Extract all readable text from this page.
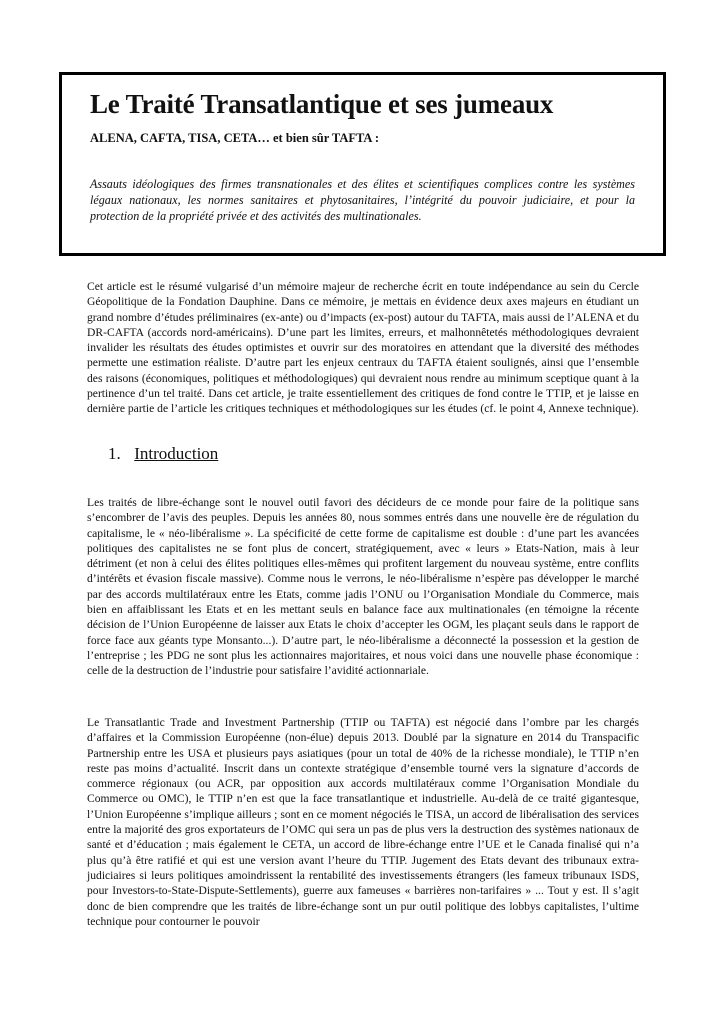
Le Traité Transatlantique et ses jumeaux
ALENA, CAFTA, TISA, CETA… et bien sûr TAFTA :
Assauts idéologiques des firmes transnationales et des élites et scientifiques complices contre les systèmes légaux nationaux, les normes sanitaires et phytosanitaires, l’intégrité du pouvoir judiciaire, et pour la protection de la propriété privée et des activités des multinationales.

Cet article est le résumé vulgarisé d’un mémoire majeur de recherche écrit en toute indépendance au sein du Cercle Géopolitique de la Fondation Dauphine. Dans ce mémoire, je mettais en évidence deux axes majeurs en étudiant un grand nombre d’études préliminaires (ex-ante) ou d’impacts (ex-post) autour du TAFTA, mais aussi de l’ALENA et du DR-CAFTA (accords nord-américains). D’une part les limites, erreurs, et malhonnêtetés méthodologiques devraient invalider les résultats des études optimistes et ouvrir sur des moratoires en attendant que la diversité des méthodes permette une estimation réaliste. D’autre part les enjeux centraux du TAFTA étaient soulignés, ainsi que l’ensemble des raisons (économiques, politiques et méthodologiques) qui devraient nous rendre au minimum sceptique quant à la pertinence d’un tel traité. Dans cet article, je traite essentiellement des critiques de fond contre le TTIP, et je laisse en dernière partie de l’article les critiques techniques et méthodologiques sur les études (cf. le point 4, Annexe technique).

1. Introduction

Les traités de libre-échange sont le nouvel outil favori des décideurs de ce monde pour faire de la politique sans s’encombrer de l’avis des peuples. Depuis les années 80, nous sommes entrés dans une nouvelle ère de régulation du capitalisme, le « néo-libéralisme ». La spécificité de cette forme de capitalisme est double : d’une part les avancées politiques des capitalistes ne se font plus de concert, stratégiquement, avec « leurs » Etats-Nation, mais à leur détriment (et non à celui des élites politiques elles-mêmes qui profitent largement du nouveau système, entre conflits d’intérêts et évasion fiscale massive). Comme nous le verrons, le néo-libéralisme n’espère pas développer le marché par des accords multilatéraux entre les Etats, comme jadis l’ONU ou l’Organisation Mondiale du Commerce, mais bien en affaiblissant les Etats et en les mettant seuls en balance face aux multinationales (en témoigne la récente décision de l’Union Européenne de laisser aux Etats le choix d’accepter les OGM, les plaçant seuls dans le rapport de force face aux géants type Monsanto...). D’autre part, le néo-libéralisme a déconnecté la possession et la gestion de l’entreprise ; les PDG ne sont plus les actionnaires majoritaires, et nous voici dans une nouvelle phase économique : celle de la destruction de l’industrie pour satisfaire l’avidité actionnariale.

Le Transatlantic Trade and Investment Partnership (TTIP ou TAFTA) est négocié dans l’ombre par les chargés d’affaires et la Commission Européenne (non-élue) depuis 2013. Doublé par la signature en 2014 du Transpacific Partnership entre les USA et plusieurs pays asiatiques (pour un total de 40% de la richesse mondiale), le TTIP n’en reste pas moins d’actualité. Inscrit dans un contexte stratégique d’ensemble tourné vers la signature d’accords de commerce régionaux (ou ACR, par opposition aux accords multilatéraux comme l’Organisation Mondiale du Commerce ou OMC), le TTIP n’en est que la face transatlantique et industrielle. Au-delà de ce traité gigantesque, l’Union Européenne s’implique ailleurs ; sont en ce moment négociés le TISA, un accord de libéralisation des services entre la majorité des gros exportateurs de l’OMC qui sera un pas de plus vers la destruction des systèmes nationaux de santé et d’éducation ; mais également le CETA, un accord de libre-échange entre l’UE et le Canada finalisé qui n’a plus qu’à être ratifié et qui est une version avant l’heure du TTIP. Jugement des Etats devant des tribunaux extra-judiciaires si leurs politiques amoindrissent la rentabilité des investissements étrangers (les fameux tribunaux ISDS, pour Investors-to-State-Dispute-Settlements), guerre aux fameuses « barrières non-tarifaires » ... Tout y est. Il s’agit donc de bien comprendre que les traités de libre-échange sont un pur outil politique des lobbys capitalistes, l’ultime technique pour contourner le pouvoir
